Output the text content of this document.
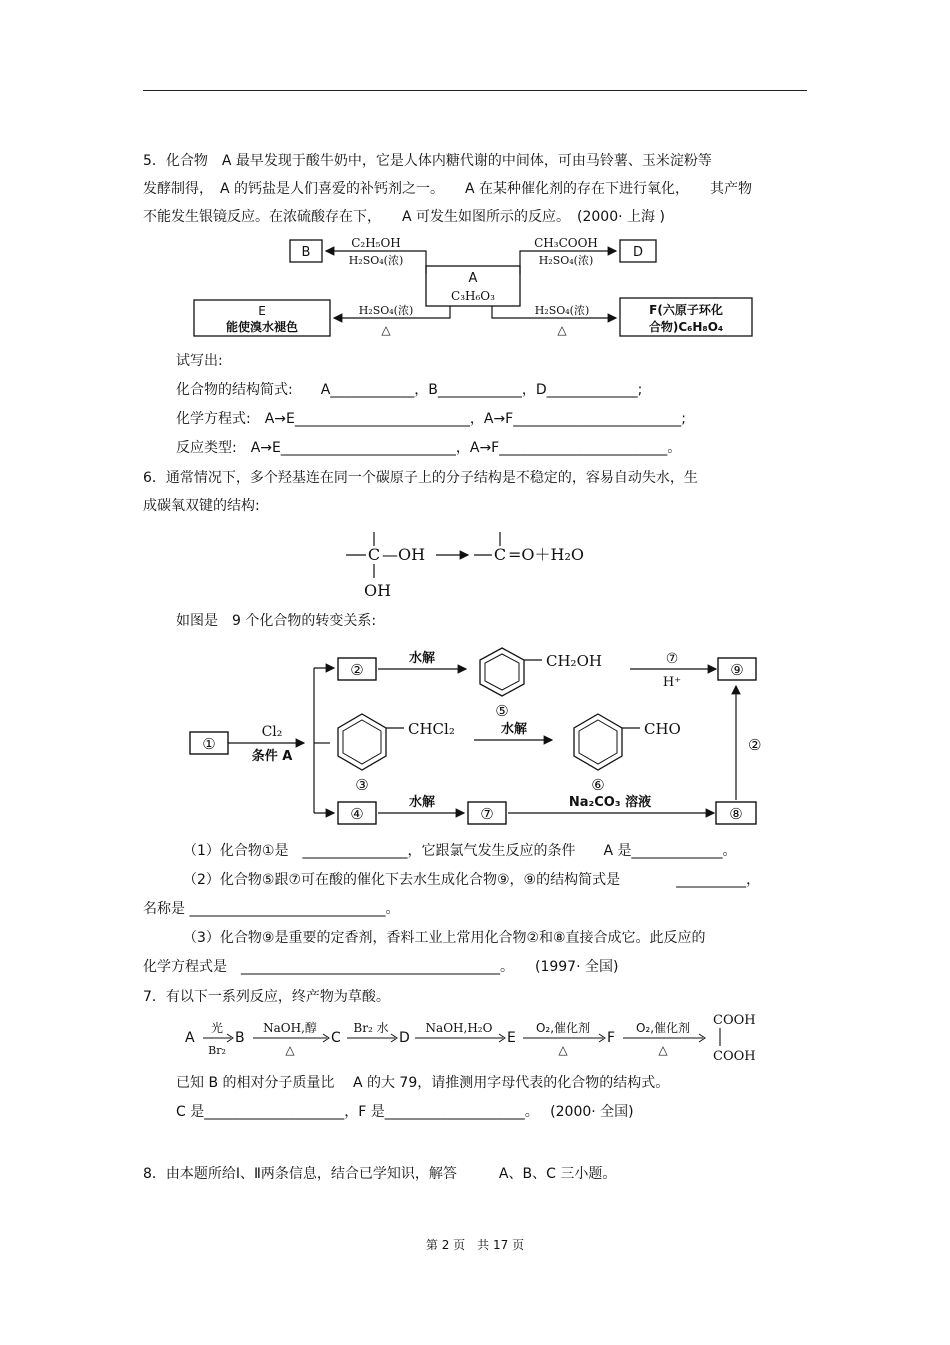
5．化合物　A 最早发现于酸牛奶中，它是人体内糖代谢的中间体，可由马铃薯、玉米淀粉等
发酵制得，　A 的钙盐是人们喜爱的补钙剂之一。　　A 在某种催化剂的存在下进行氧化，　　其产物
不能发生银镜反应。在浓硫酸存在下，　　A 可发生如图所示的反应。　(2000· 上海 )
B	D
A
C₃H₆O₃
E
能使溴水褪色
F(六原子环化
合物)C₆H₈O₄
C₂H₅OH
H₂SO₄(浓)
CH₃COOH
H₂SO₄(浓)
H₂SO₄(浓)
△
H₂SO₄(浓)
△
试写出:
化合物的结构简式:　　A____________，B____________，D_____________;
化学方程式:　A→E_________________________，A→F________________________;
反应类型:　A→E_________________________，A→F________________________。
6．通常情况下，多个羟基连在同一个碳原子上的分子结构是不稳定的，容易自动失水，生
成碳氧双键的结构:
C —OH
OH
C =O＋H₂O
如图是　9 个化合物的转变关系:
①
Cl₂
条件 A
②
水解	CH₂OH
⑤
⑦
H⁺
⑨
CHCl₂
③
水解	CHO
⑥
④
水解
⑦
Na₂CO₃ 溶液
⑧
②
（1）化合物①是　_______________，它跟氯气发生反应的条件　　A 是_____________。
（2）化合物⑤跟⑦可在酸的催化下去水生成化合物⑨，⑨的结构简式是　　　　__________，
名称是 ____________________________。
（3）化合物⑨是重要的定香剂，香料工业上常用化合物②和⑧直接合成它。此反应的
化学方程式是　_____________________________________。　　(1997· 全国)
7．有以下一系列反应，终产物为草酸。
A
光
Br₂
B
NaOH,醇
△
C
Br₂ 水
D
NaOH,H₂O
E
O₂,催化剂
△
F
O₂,催化剂
△
COOH
COOH
已知 B 的相对分子质量比　 A 的大 79，请推测用字母代表的化合物的结构式。
C 是____________________，F 是____________________。　 (2000· 全国)
8．由本题所给Ⅰ、Ⅱ两条信息，结合已学知识，解答　　　A、B、C 三小题。
第 2 页　共 17 页
